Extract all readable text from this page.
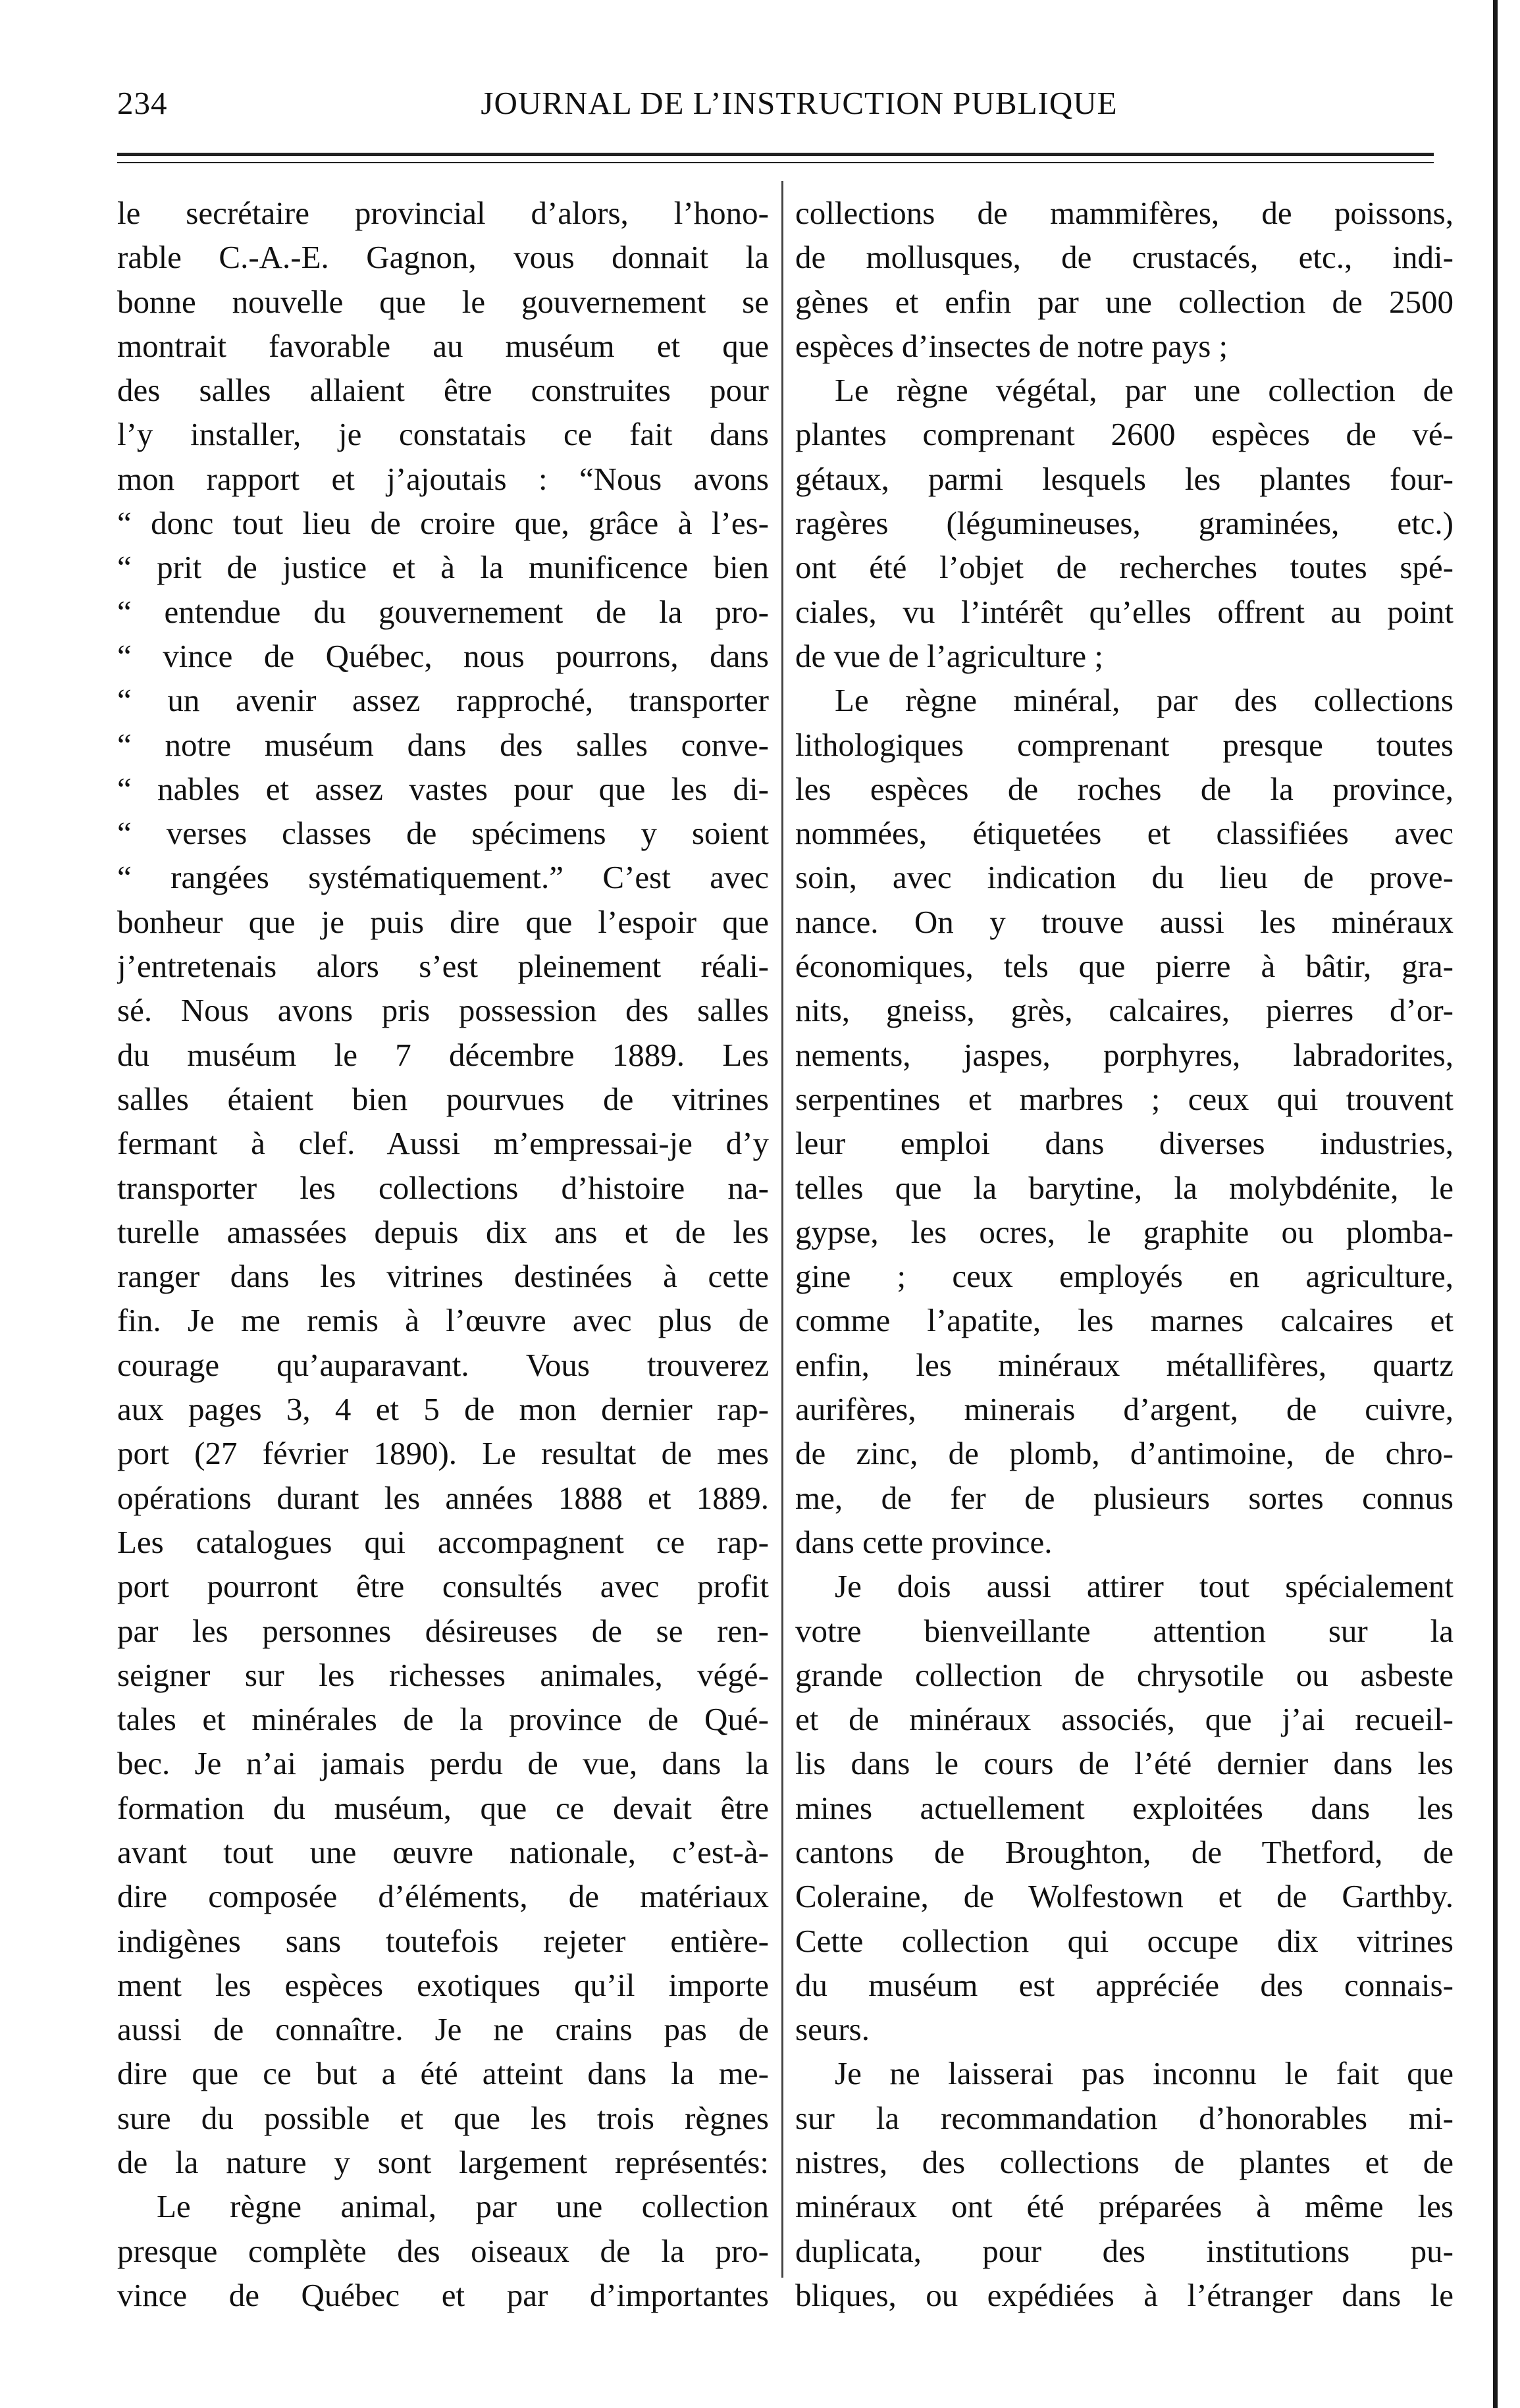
234	JOURNAL DE L’INSTRUCTION PUBLIQUE
le secrétaire provincial d’alors, l’hono-
rable C.-A.-E. Gagnon, vous donnait la
bonne nouvelle que le gouvernement se
montrait favorable au muséum et que
des salles allaient être construites pour
l’y installer, je constatais ce fait dans
mon rapport et j’ajoutais : “Nous avons
“ donc tout lieu de croire que, grâce à l’es-
“ prit de justice et à la munificence bien
“ entendue du gouvernement de la pro-
“ vince de Québec, nous pourrons, dans
“ un avenir assez rapproché, transporter
“ notre muséum dans des salles conve-
“ nables et assez vastes pour que les di-
“ verses classes de spécimens y soient
“ rangées systématiquement.” C’est avec
bonheur que je puis dire que l’espoir que
j’entretenais alors s’est pleinement réali-
sé. Nous avons pris possession des salles
du muséum le 7 décembre 1889. Les
salles étaient bien pourvues de vitrines
fermant à clef. Aussi m’empressai-je d’y
transporter les collections d’histoire na-
turelle amassées depuis dix ans et de les
ranger dans les vitrines destinées à cette
fin. Je me remis à l’œuvre avec plus de
courage qu’auparavant. Vous trouverez
aux pages 3, 4 et 5 de mon dernier rap-
port (27 février 1890). Le resultat de mes
opérations durant les années 1888 et 1889.
Les catalogues qui accompagnent ce rap-
port pourront être consultés avec profit
par les personnes désireuses de se ren-
seigner sur les richesses animales, végé-
tales et minérales de la province de Qué-
bec. Je n’ai jamais perdu de vue, dans la
formation du muséum, que ce devait être
avant tout une œuvre nationale, c’est-à-
dire composée d’éléments, de matériaux
indigènes sans toutefois rejeter entière-
ment les espèces exotiques qu’il importe
aussi de connaître. Je ne crains pas de
dire que ce but a été atteint dans la me-
sure du possible et que les trois règnes
de la nature y sont largement représentés:
Le règne animal, par une collection
presque complète des oiseaux de la pro-
vince de Québec et par d’importantes
collections de mammifères, de poissons,
de mollusques, de crustacés, etc., indi-
gènes et enfin par une collection de 2500
espèces d’insectes de notre pays ;
Le règne végétal, par une collection de
plantes comprenant 2600 espèces de vé-
gétaux, parmi lesquels les plantes four-
ragères (légumineuses, graminées, etc.)
ont été l’objet de recherches toutes spé-
ciales, vu l’intérêt qu’elles offrent au point
de vue de l’agriculture ;
Le règne minéral, par des collections
lithologiques comprenant presque toutes
les espèces de roches de la province,
nommées, étiquetées et classifiées avec
soin, avec indication du lieu de prove-
nance. On y trouve aussi les minéraux
économiques, tels que pierre à bâtir, gra-
nits, gneiss, grès, calcaires, pierres d’or-
nements, jaspes, porphyres, labradorites,
serpentines et marbres ; ceux qui trouvent
leur emploi dans diverses industries,
telles que la barytine, la molybdénite, le
gypse, les ocres, le graphite ou plomba-
gine ; ceux employés en agriculture,
comme l’apatite, les marnes calcaires et
enfin, les minéraux métallifères, quartz
aurifères, minerais d’argent, de cuivre,
de zinc, de plomb, d’antimoine, de chro-
me, de fer de plusieurs sortes connus
dans cette province.
Je dois aussi attirer tout spécialement
votre bienveillante attention sur la
grande collection de chrysotile ou asbeste
et de minéraux associés, que j’ai recueil-
lis dans le cours de l’été dernier dans les
mines actuellement exploitées dans les
cantons de Broughton, de Thetford, de
Coleraine, de Wolfestown et de Garthby.
Cette collection qui occupe dix vitrines
du muséum est appréciée des connais-
seurs.
Je ne laisserai pas inconnu le fait que
sur la recommandation d’honorables mi-
nistres, des collections de plantes et de
minéraux ont été préparées à même les
duplicata, pour des institutions pu-
bliques, ou expédiées à l’étranger dans le
